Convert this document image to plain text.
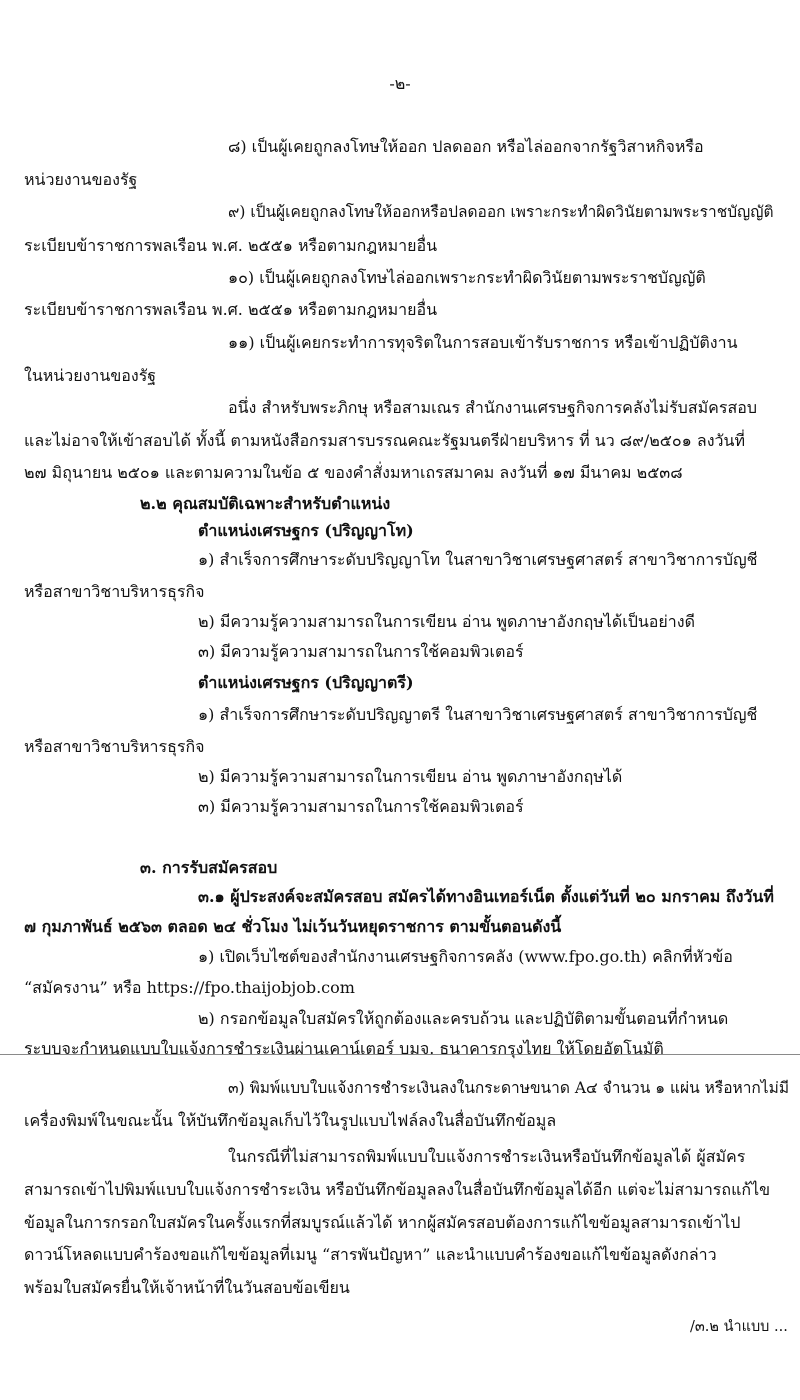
-๒-
๘) เป็นผู้เคยถูกลงโทษให้ออก ปลดออก หรือไล่ออกจากรัฐวิสาหกิจหรือ
หน่วยงานของรัฐ
๙) เป็นผู้เคยถูกลงโทษให้ออกหรือปลดออก เพราะกระทำผิดวินัยตามพระราชบัญญัติ
ระเบียบข้าราชการพลเรือน พ.ศ. ๒๕๕๑ หรือตามกฎหมายอื่น
๑๐) เป็นผู้เคยถูกลงโทษไล่ออกเพราะกระทำผิดวินัยตามพระราชบัญญัติ
ระเบียบข้าราชการพลเรือน พ.ศ. ๒๕๕๑ หรือตามกฎหมายอื่น
๑๑) เป็นผู้เคยกระทำการทุจริตในการสอบเข้ารับราชการ หรือเข้าปฏิบัติงาน
ในหน่วยงานของรัฐ
อนึ่ง สำหรับพระภิกษุ หรือสามเณร สำนักงานเศรษฐกิจการคลังไม่รับสมัครสอบ
และไม่อาจให้เข้าสอบได้ ทั้งนี้ ตามหนังสือกรมสารบรรณคณะรัฐมนตรีฝ่ายบริหาร ที่ นว ๘๙/๒๕๐๑ ลงวันที่
๒๗ มิถุนายน ๒๕๐๑ และตามความในข้อ ๕ ของคำสั่งมหาเถรสมาคม ลงวันที่ ๑๗ มีนาคม ๒๕๓๘
๒.๒ คุณสมบัติเฉพาะสำหรับตำแหน่ง
ตำแหน่งเศรษฐกร (ปริญญาโท)
๑) สำเร็จการศึกษาระดับปริญญาโท ในสาขาวิชาเศรษฐศาสตร์ สาขาวิชาการบัญชี
หรือสาขาวิชาบริหารธุรกิจ
๒) มีความรู้ความสามารถในการเขียน อ่าน พูดภาษาอังกฤษได้เป็นอย่างดี
๓) มีความรู้ความสามารถในการใช้คอมพิวเตอร์
ตำแหน่งเศรษฐกร (ปริญญาตรี)
๑) สำเร็จการศึกษาระดับปริญญาตรี ในสาขาวิชาเศรษฐศาสตร์ สาขาวิชาการบัญชี
หรือสาขาวิชาบริหารธุรกิจ
๒) มีความรู้ความสามารถในการเขียน อ่าน พูดภาษาอังกฤษได้
๓) มีความรู้ความสามารถในการใช้คอมพิวเตอร์
๓. การรับสมัครสอบ
๓.๑ ผู้ประสงค์จะสมัครสอบ สมัครได้ทางอินเทอร์เน็ต ตั้งแต่วันที่ ๒๐ มกราคม ถึงวันที่
๗ กุมภาพันธ์ ๒๕๖๓ ตลอด ๒๔ ชั่วโมง ไม่เว้นวันหยุดราชการ ตามขั้นตอนดังนี้
๑) เปิดเว็บไซต์ของสำนักงานเศรษฐกิจการคลัง (www.fpo.go.th) คลิกที่หัวข้อ
“สมัครงาน” หรือ https://fpo.thaijobjob.com
๒) กรอกข้อมูลใบสมัครให้ถูกต้องและครบถ้วน และปฏิบัติตามขั้นตอนที่กำหนด
ระบบจะกำหนดแบบใบแจ้งการชำระเงินผ่านเคาน์เตอร์ บมจ. ธนาคารกรุงไทย ให้โดยอัตโนมัติ
๓) พิมพ์แบบใบแจ้งการชำระเงินลงในกระดาษขนาด A๔ จำนวน ๑ แผ่น หรือหากไม่มี
เครื่องพิมพ์ในขณะนั้น ให้บันทึกข้อมูลเก็บไว้ในรูปแบบไฟล์ลงในสื่อบันทึกข้อมูล
ในกรณีที่ไม่สามารถพิมพ์แบบใบแจ้งการชำระเงินหรือบันทึกข้อมูลได้ ผู้สมัคร
สามารถเข้าไปพิมพ์แบบใบแจ้งการชำระเงิน หรือบันทึกข้อมูลลงในสื่อบันทึกข้อมูลได้อีก แต่จะไม่สามารถแก้ไข
ข้อมูลในการกรอกใบสมัครในครั้งแรกที่สมบูรณ์แล้วได้ หากผู้สมัครสอบต้องการแก้ไขข้อมูลสามารถเข้าไป
ดาวน์โหลดแบบคำร้องขอแก้ไขข้อมูลที่เมนู “สารพันปัญหา” และนำแบบคำร้องขอแก้ไขข้อมูลดังกล่าว
พร้อมใบสมัครยื่นให้เจ้าหน้าที่ในวันสอบข้อเขียน
/๓.๒ นำแบบ ...
